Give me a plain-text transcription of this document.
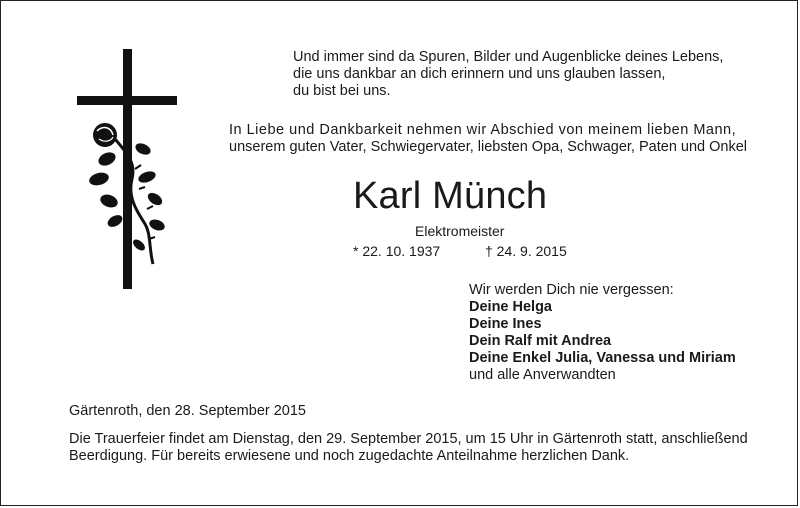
Und immer sind da Spuren, Bilder und Augenblicke deines Lebens,
die uns dankbar an dich erinnern und uns glauben lassen,
du bist bei uns.
In Liebe und Dankbarkeit nehmen wir Abschied von meinem lieben Mann,
unserem guten Vater, Schwiegervater, liebsten Opa, Schwager, Paten und Onkel
Karl Münch
Elektromeister
* 22. 10. 1937	† 24. 9. 2015
Wir werden Dich nie vergessen:
Deine Helga
Deine Ines
Dein Ralf mit Andrea
Deine Enkel Julia, Vanessa und Miriam
und alle Anverwandten
Gärtenroth, den 28. September 2015
Die Trauerfeier findet am Dienstag, den 29. September 2015, um 15 Uhr in Gärtenroth statt, anschließend
Beerdigung. Für bereits erwiesene und noch zugedachte Anteilnahme herzlichen Dank.
